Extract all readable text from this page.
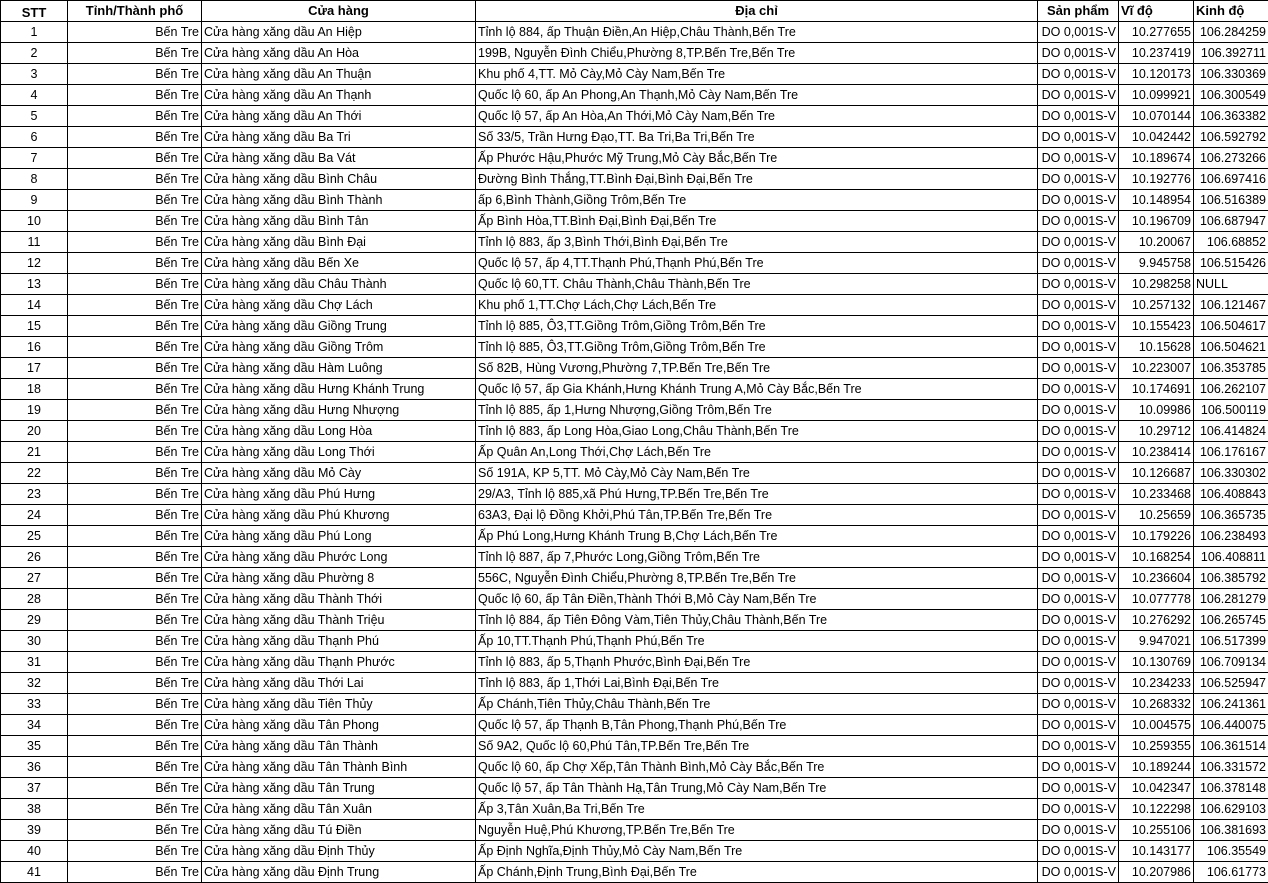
STT	Tỉnh/Thành phố	Cửa hàng	Địa chỉ	Sản phẩm	Vĩ độ	Kinh độ
1	Bến Tre	Cửa hàng xăng dầu An Hiệp	Tỉnh lộ 884, ấp Thuận Điền,An Hiệp,Châu Thành,Bến Tre	DO 0,001S-V	10.277655	106.284259
2	Bến Tre	Cửa hàng xăng dầu An Hòa	199B, Nguyễn Đình Chiểu,Phường 8,TP.Bến Tre,Bến Tre	DO 0,001S-V	10.237419	106.392711
3	Bến Tre	Cửa hàng xăng dầu An Thuận	Khu phố 4,TT. Mỏ Cày,Mỏ Cày Nam,Bến Tre	DO 0,001S-V	10.120173	106.330369
4	Bến Tre	Cửa hàng xăng dầu An Thạnh	Quốc lộ 60, ấp An Phong,An Thạnh,Mỏ Cày Nam,Bến Tre	DO 0,001S-V	10.099921	106.300549
5	Bến Tre	Cửa hàng xăng dầu An Thới	Quốc lộ 57, ấp An Hòa,An Thới,Mỏ Cày Nam,Bến Tre	DO 0,001S-V	10.070144	106.363382
6	Bến Tre	Cửa hàng xăng dầu Ba Tri	Số 33/5, Trần Hưng Đạo,TT. Ba Tri,Ba Tri,Bến Tre	DO 0,001S-V	10.042442	106.592792
7	Bến Tre	Cửa hàng xăng dầu Ba Vát	Ấp Phước Hậu,Phước Mỹ Trung,Mỏ Cày Bắc,Bến Tre	DO 0,001S-V	10.189674	106.273266
8	Bến Tre	Cửa hàng xăng dầu Bình Châu	Đường Bình Thắng,TT.Bình Đại,Bình Đại,Bến Tre	DO 0,001S-V	10.192776	106.697416
9	Bến Tre	Cửa hàng xăng dầu Bình Thành	ấp 6,Bình Thành,Giồng Trôm,Bến Tre	DO 0,001S-V	10.148954	106.516389
10	Bến Tre	Cửa hàng xăng dầu Bình Tân	Ấp Bình Hòa,TT.Bình Đại,Bình Đại,Bến Tre	DO 0,001S-V	10.196709	106.687947
11	Bến Tre	Cửa hàng xăng dầu Bình Đại	Tỉnh lộ 883, ấp 3,Bình Thới,Bình Đại,Bến Tre	DO 0,001S-V	10.20067	106.68852
12	Bến Tre	Cửa hàng xăng dầu Bến Xe	Quốc lộ 57, ấp 4,TT.Thạnh Phú,Thạnh Phú,Bến Tre	DO 0,001S-V	9.945758	106.515426
13	Bến Tre	Cửa hàng xăng dầu Châu Thành	Quốc lộ 60,TT. Châu Thành,Châu Thành,Bến Tre	DO 0,001S-V	10.298258	NULL
14	Bến Tre	Cửa hàng xăng dầu Chợ Lách	Khu phố 1,TT.Chợ Lách,Chợ Lách,Bến Tre	DO 0,001S-V	10.257132	106.121467
15	Bến Tre	Cửa hàng xăng dầu Giồng Trung	Tỉnh lộ 885, Ô3,TT.Giồng Trôm,Giồng Trôm,Bến Tre	DO 0,001S-V	10.155423	106.504617
16	Bến Tre	Cửa hàng xăng dầu Giồng Trôm	Tỉnh lộ 885, Ô3,TT.Giồng Trôm,Giồng Trôm,Bến Tre	DO 0,001S-V	10.15628	106.504621
17	Bến Tre	Cửa hàng xăng dầu Hàm Luông	Số 82B, Hùng Vương,Phường 7,TP.Bến Tre,Bến Tre	DO 0,001S-V	10.223007	106.353785
18	Bến Tre	Cửa hàng xăng dầu Hưng Khánh Trung	Quốc lộ 57, ấp Gia Khánh,Hưng Khánh Trung A,Mỏ Cày Bắc,Bến Tre	DO 0,001S-V	10.174691	106.262107
19	Bến Tre	Cửa hàng xăng dầu Hưng Nhượng	Tỉnh lộ 885, ấp 1,Hưng Nhượng,Giồng Trôm,Bến Tre	DO 0,001S-V	10.09986	106.500119
20	Bến Tre	Cửa hàng xăng dầu Long Hòa	Tỉnh lộ 883, ấp Long Hòa,Giao Long,Châu Thành,Bến Tre	DO 0,001S-V	10.29712	106.414824
21	Bến Tre	Cửa hàng xăng dầu Long Thới	Ấp Quân An,Long Thới,Chợ Lách,Bến Tre	DO 0,001S-V	10.238414	106.176167
22	Bến Tre	Cửa hàng xăng dầu Mỏ Cày	Số 191A, KP 5,TT. Mỏ Cày,Mỏ Cày Nam,Bến Tre	DO 0,001S-V	10.126687	106.330302
23	Bến Tre	Cửa hàng xăng dầu Phú Hưng	29/A3, Tỉnh lộ 885,xã Phú Hưng,TP.Bến Tre,Bến Tre	DO 0,001S-V	10.233468	106.408843
24	Bến Tre	Cửa hàng xăng dầu Phú Khương	63A3, Đại lộ Đồng Khởi,Phú Tân,TP.Bến Tre,Bến Tre	DO 0,001S-V	10.25659	106.365735
25	Bến Tre	Cửa hàng xăng dầu Phú Long	Ấp Phú Long,Hưng Khánh Trung B,Chợ Lách,Bến Tre	DO 0,001S-V	10.179226	106.238493
26	Bến Tre	Cửa hàng xăng dầu Phước Long	Tỉnh lộ 887, ấp 7,Phước Long,Giồng Trôm,Bến Tre	DO 0,001S-V	10.168254	106.408811
27	Bến Tre	Cửa hàng xăng dầu Phường 8	556C, Nguyễn Đình Chiểu,Phường 8,TP.Bến Tre,Bến Tre	DO 0,001S-V	10.236604	106.385792
28	Bến Tre	Cửa hàng xăng dầu Thành Thới	Quốc lộ 60, ấp Tân Điền,Thành Thới B,Mỏ Cày Nam,Bến Tre	DO 0,001S-V	10.077778	106.281279
29	Bến Tre	Cửa hàng xăng dầu Thành Triệu	Tỉnh lộ 884, ấp Tiên Đông Vàm,Tiên Thủy,Châu Thành,Bến Tre	DO 0,001S-V	10.276292	106.265745
30	Bến Tre	Cửa hàng xăng dầu Thạnh Phú	Ấp 10,TT.Thạnh Phú,Thạnh Phú,Bến Tre	DO 0,001S-V	9.947021	106.517399
31	Bến Tre	Cửa hàng xăng dầu Thạnh Phước	Tỉnh lộ 883, ấp 5,Thạnh Phước,Bình Đại,Bến Tre	DO 0,001S-V	10.130769	106.709134
32	Bến Tre	Cửa hàng xăng dầu Thới Lai	Tỉnh lộ 883, ấp 1,Thới Lai,Bình Đại,Bến Tre	DO 0,001S-V	10.234233	106.525947
33	Bến Tre	Cửa hàng xăng dầu Tiên Thủy	Ấp Chánh,Tiên Thủy,Châu Thành,Bến Tre	DO 0,001S-V	10.268332	106.241361
34	Bến Tre	Cửa hàng xăng dầu Tân Phong	Quốc lộ 57, ấp Thạnh B,Tân Phong,Thạnh Phú,Bến Tre	DO 0,001S-V	10.004575	106.440075
35	Bến Tre	Cửa hàng xăng dầu Tân Thành	Số 9A2, Quốc lộ 60,Phú Tân,TP.Bến Tre,Bến Tre	DO 0,001S-V	10.259355	106.361514
36	Bến Tre	Cửa hàng xăng dầu Tân Thành Bình	Quốc lộ 60, ấp Chợ Xếp,Tân Thành Bình,Mỏ Cày Bắc,Bến Tre	DO 0,001S-V	10.189244	106.331572
37	Bến Tre	Cửa hàng xăng dầu Tân Trung	Quốc lộ 57, ấp Tân Thành Hạ,Tân Trung,Mỏ Cày Nam,Bến Tre	DO 0,001S-V	10.042347	106.378148
38	Bến Tre	Cửa hàng xăng dầu Tân Xuân	Ấp 3,Tân Xuân,Ba Tri,Bến Tre	DO 0,001S-V	10.122298	106.629103
39	Bến Tre	Cửa hàng xăng dầu Tú Điền	Nguyễn Huệ,Phú Khương,TP.Bến Tre,Bến Tre	DO 0,001S-V	10.255106	106.381693
40	Bến Tre	Cửa hàng xăng dầu Định Thủy	Ấp Định Nghĩa,Định Thủy,Mỏ Cày Nam,Bến Tre	DO 0,001S-V	10.143177	106.35549
41	Bến Tre	Cửa hàng xăng dầu Định Trung	Ấp Chánh,Định Trung,Bình Đại,Bến Tre	DO 0,001S-V	10.207986	106.61773
